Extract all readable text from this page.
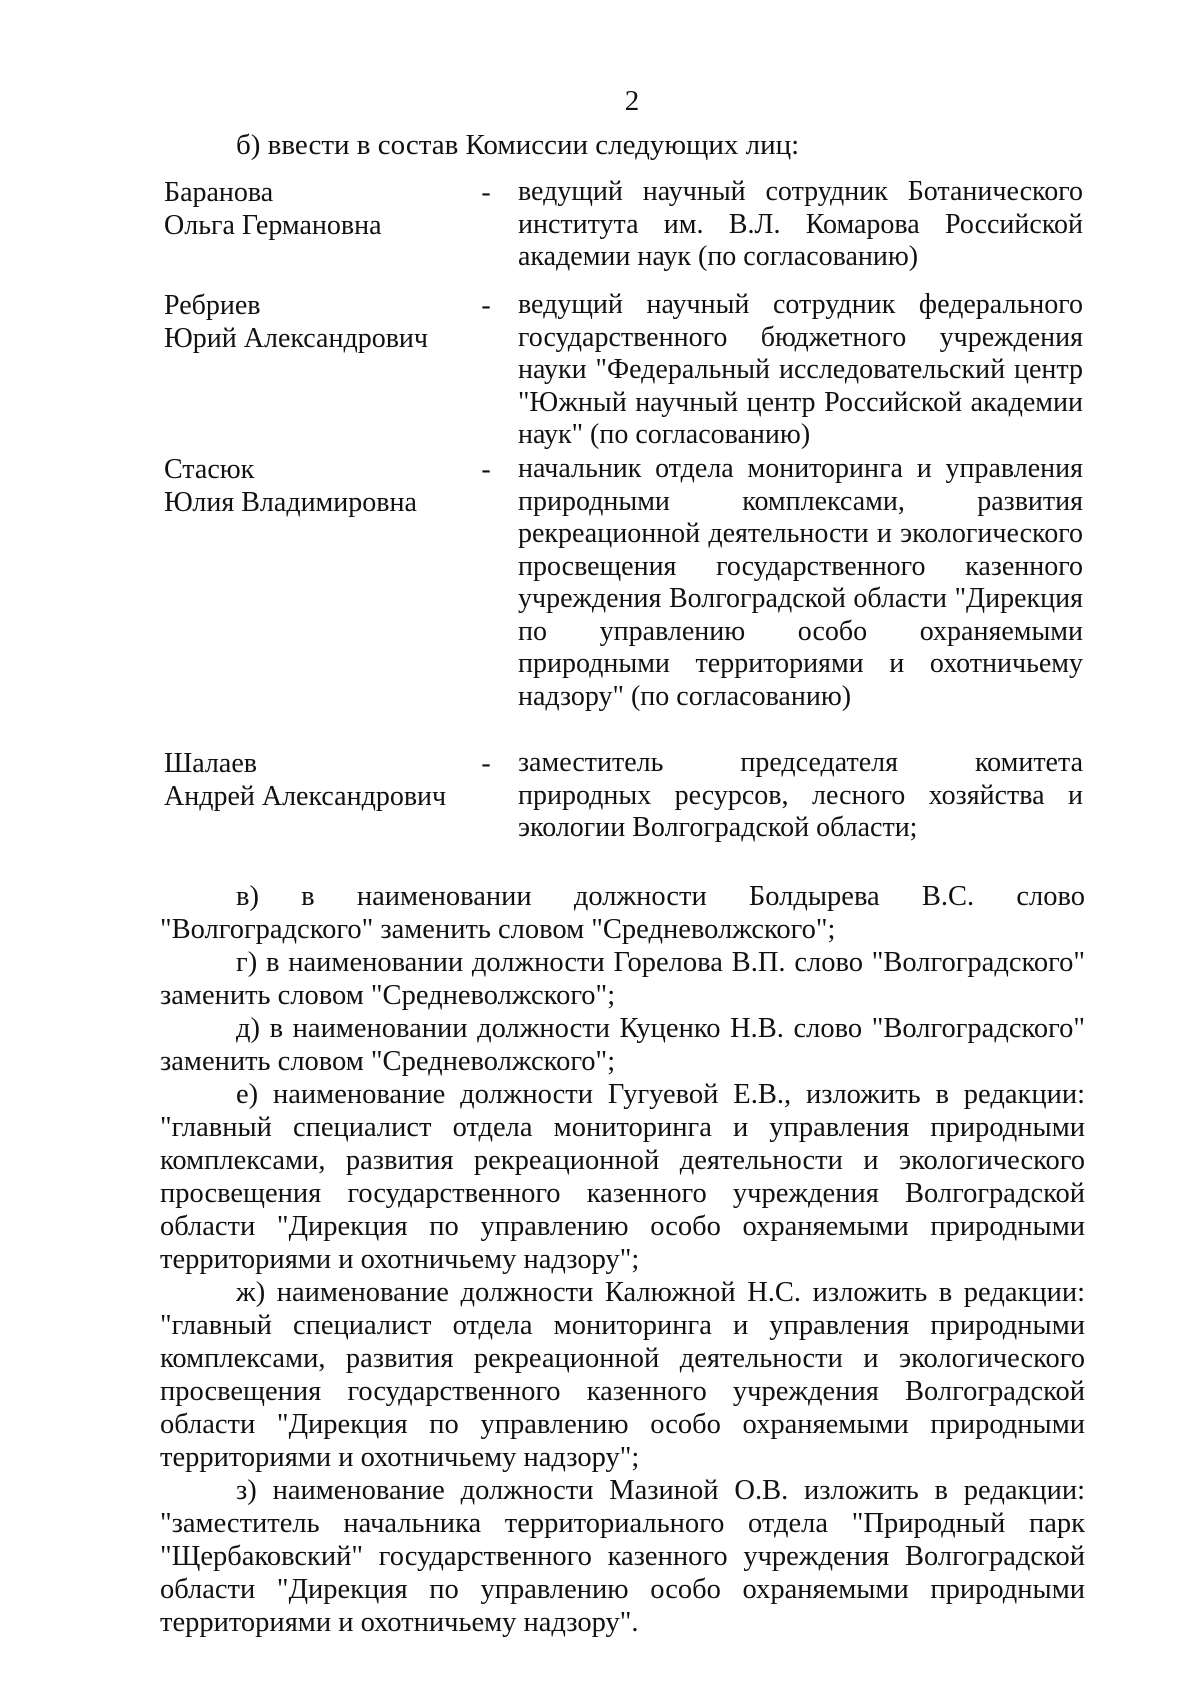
2
б) ввести в состав Комиссии следующих лиц:
Баранова
Ольга Германовна
- ведущий научный сотрудник Ботанического института им. В.Л. Комарова Российской академии наук (по согласованию)
Ребриев
Юрий Александрович
- ведущий научный сотрудник федерального государственного бюджетного учреждения науки "Федеральный исследовательский центр "Южный научный центр Российской академии наук" (по согласованию)
Стасюк
Юлия Владимировна
- начальник отдела мониторинга и управления природными комплексами, развития рекреационной деятельности и экологического просвещения государственного казенного учреждения Волгоградской области "Дирекция по управлению особо охраняемыми природными территориями и охотничьему надзору" (по согласованию)
Шалаев
Андрей Александрович
- заместитель председателя комитета природных ресурсов, лесного хозяйства и экологии Волгоградской области;

в) в наименовании должности Болдырева В.С. слово "Волгоградского" заменить словом "Средневолжского";

г) в наименовании должности Горелова В.П. слово "Волгоградского" заменить словом "Средневолжского";

д) в наименовании должности Куценко Н.В. слово "Волгоградского" заменить словом "Средневолжского";

е) наименование должности Гугуевой Е.В., изложить в редакции: "главный специалист отдела мониторинга и управления природными комплексами, развития рекреационной деятельности и экологического просвещения государственного казенного учреждения Волгоградской области "Дирекция по управлению особо охраняемыми природными территориями и охотничьему надзору";

ж) наименование должности Калюжной Н.С. изложить в редакции: "главный специалист отдела мониторинга и управления природными комплексами, развития рекреационной деятельности и экологического просвещения государственного казенного учреждения Волгоградской области "Дирекция по управлению особо охраняемыми природными территориями и охотничьему надзору";

з) наименование должности Мазиной О.В. изложить в редакции: "заместитель начальника территориального отдела "Природный парк "Щербаковский" государственного казенного учреждения Волгоградской области "Дирекция по управлению особо охраняемыми природными территориями и охотничьему надзору".
